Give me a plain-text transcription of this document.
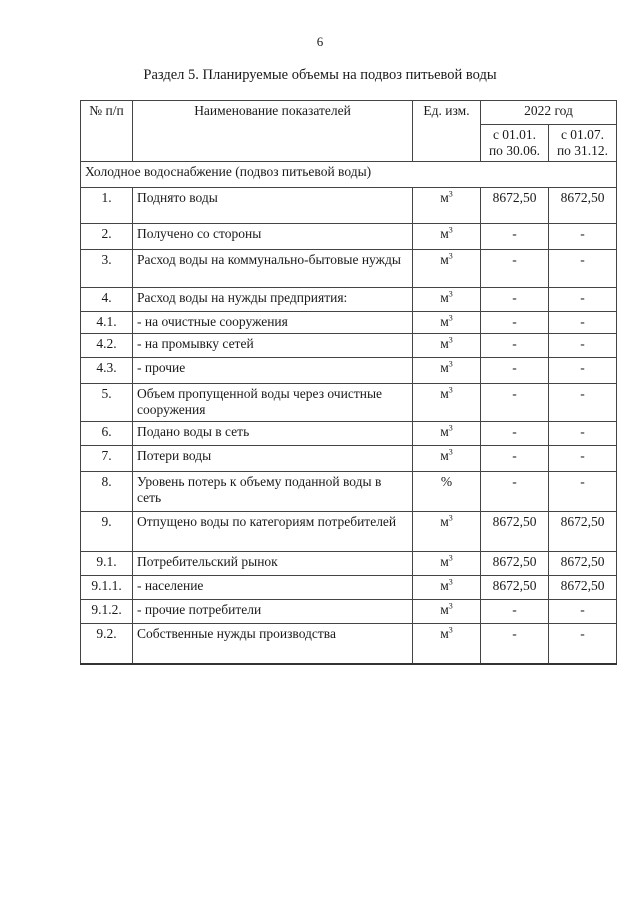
6
Раздел 5. Планируемые объемы на подвоз питьевой воды
№ п/п	Наименование показателей	Ед. изм.	2022 год	
			с 01.01. по 30.06.	с 01.07. по 31.12.
Холодное водоснабжение (подвоз питьевой воды)				
1.	Поднято воды	$м^3$	8672,50	8672,50
2.	Получено со стороны	$м^3$	-	-
3.	Расход воды на коммунально-бытовые нужды	$м^3$	-	-
4.	Расход воды на нужды предприятия:	$м^3$	-	-
4.1.	- на очистные сооружения	$м^3$	-	-
4.2.	- на промывку сетей	$м^3$	-	-
4.3.	- прочие	$м^3$	-	-
5.	Объем пропущенной воды через очистные сооружения	$м^3$	-	-
6.	Подано воды в сеть	$м^3$	-	-
7.	Потери воды	$м^3$	-	-
8.	Уровень потерь к объему поданной воды в сеть	%	-	-
9.	Отпущено воды по категориям потребителей	$м^3$	8672,50	8672,50
9.1.	Потребительский рынок	$м^3$	8672,50	8672,50
9.1.1.	- население	$м^3$	8672,50	8672,50
9.1.2.	- прочие потребители	$м^3$	-	-
9.2.	Собственные нужды производства	$м^3$	-	-
